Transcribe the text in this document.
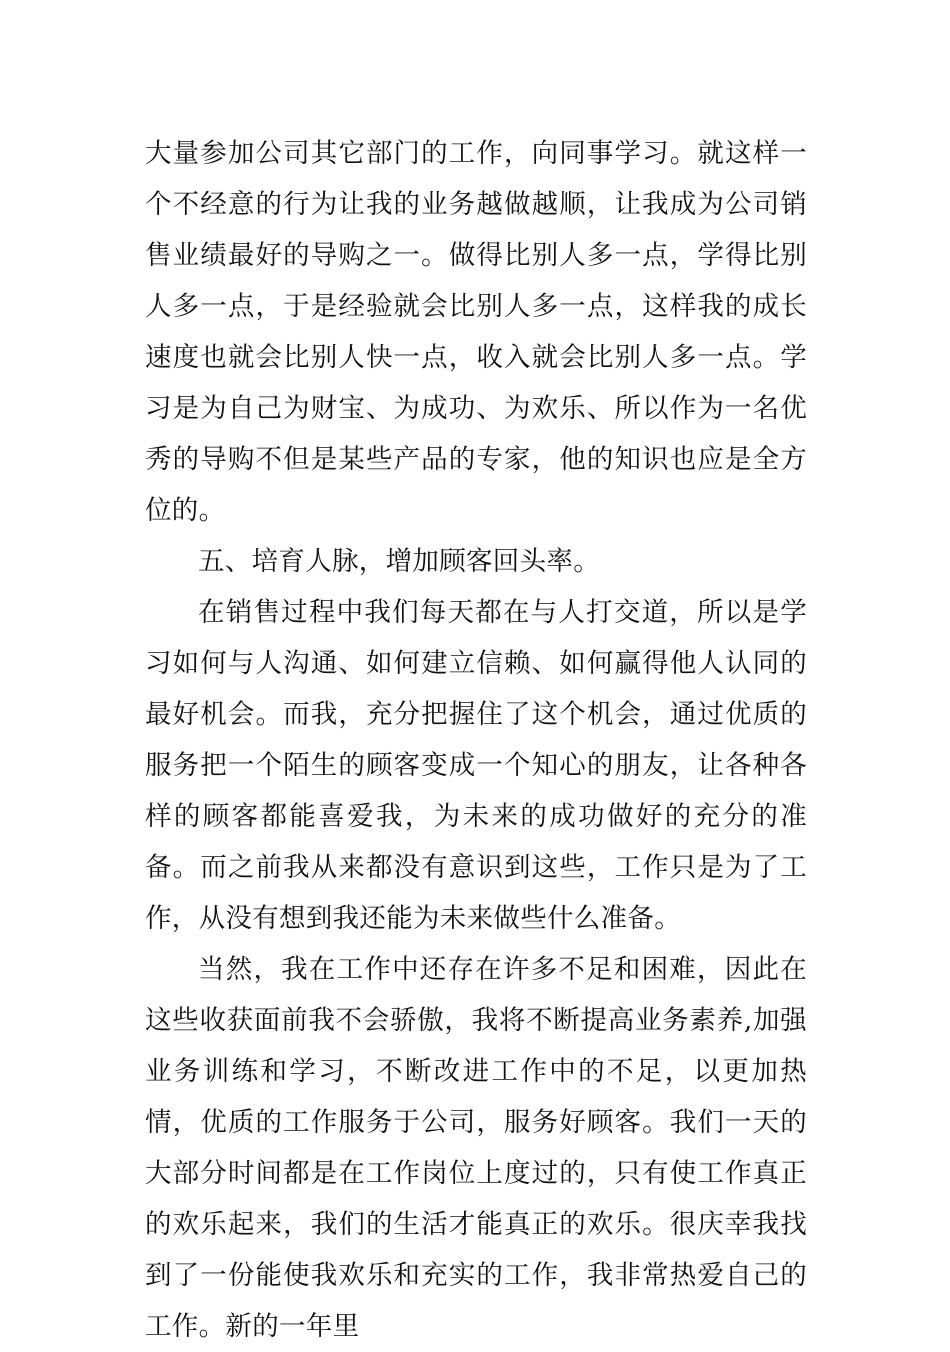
大量参加公司其它部门的工作，向同事学习。就这样一个不经意的行为让我的业务越做越顺，让我成为公司销售业绩最好的导购之一。做得比别人多一点，学得比别人多一点，于是经验就会比别人多一点，这样我的成长速度也就会比别人快一点，收入就会比别人多一点。学习是为自己为财宝、为成功、为欢乐、所以作为一名优秀的导购不但是某些产品的专家，他的知识也应是全方位的。

五、培育人脉，增加顾客回头率。

在销售过程中我们每天都在与人打交道，所以是学习如何与人沟通、如何建立信赖、如何赢得他人认同的最好机会。而我，充分把握住了这个机会，通过优质的服务把一个陌生的顾客变成一个知心的朋友，让各种各样的顾客都能喜爱我，为未来的成功做好的充分的准备。而之前我从来都没有意识到这些，工作只是为了工作，从没有想到我还能为未来做些什么准备。

当然，我在工作中还存在许多不足和困难，因此在这些收获面前我不会骄傲，我将不断提高业务素养,加强业务训练和学习，不断改进工作中的不足，以更加热情，优质的工作服务于公司，服务好顾客。我们一天的大部分时间都是在工作岗位上度过的，只有使工作真正的欢乐起来，我们的生活才能真正的欢乐。很庆幸我找到了一份能使我欢乐和充实的工作，我非常热爱自己的工作。新的一年里
